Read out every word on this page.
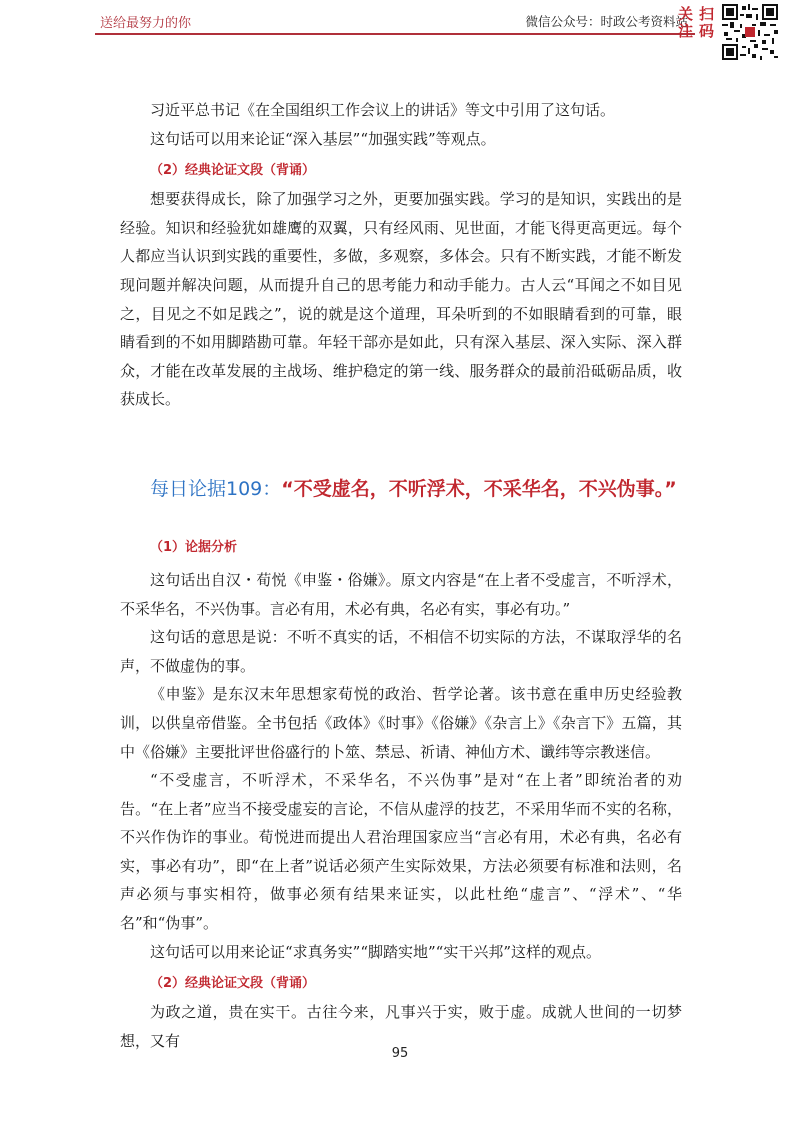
送给最努力的你	微信公众号：时政公考资料站 扫码关注

习近平总书记《在全国组织工作会议上的讲话》等文中引用了这句话。

这句话可以用来论证“深入基层”“加强实践”等观点。

（2）经典论证文段（背诵）

想要获得成长，除了加强学习之外，更要加强实践。学习的是知识，实践出的是经验。知识和经验犹如雄鹰的双翼，只有经风雨、见世面，才能飞得更高更远。每个人都应当认识到实践的重要性，多做，多观察，多体会。只有不断实践，才能不断发现问题并解决问题，从而提升自己的思考能力和动手能力。古人云“耳闻之不如目见之，目见之不如足践之”，说的就是这个道理，耳朵听到的不如眼睛看到的可靠，眼睛看到的不如用脚踏勘可靠。年轻干部亦是如此，只有深入基层、深入实际、深入群众，才能在改革发展的主战场、维护稳定的第一线、服务群众的最前沿砥砺品质，收获成长。

每日论据109：“不受虚名，不听浮术，不采华名，不兴伪事。”
（1）论据分析

这句话出自汉・荀悦《申鉴・俗嫌》。原文内容是“在上者不受虚言，不听浮术，不采华名，不兴伪事。言必有用，术必有典，名必有实，事必有功。”

这句话的意思是说：不听不真实的话，不相信不切实际的方法，不谋取浮华的名声，不做虚伪的事。

《申鉴》是东汉末年思想家荀悦的政治、哲学论著。该书意在重申历史经验教训，以供皇帝借鉴。全书包括《政体》《时事》《俗嫌》《杂言上》《杂言下》五篇，其中《俗嫌》主要批评世俗盛行的卜筮、禁忌、祈请、神仙方术、谶纬等宗教迷信。

“不受虚言，不听浮术，不采华名，不兴伪事”是对“在上者”即统治者的劝告。“在上者”应当不接受虚妄的言论，不信从虚浮的技艺，不采用华而不实的名称，不兴作伪诈的事业。荀悦进而提出人君治理国家应当“言必有用，术必有典，名必有实，事必有功”，即“在上者”说话必须产生实际效果，方法必须要有标准和法则，名声必须与事实相符，做事必须有结果来证实，以此杜绝“虚言”、“浮术”、“华名”和“伪事”。

这句话可以用来论证“求真务实”“脚踏实地”“实干兴邦”这样的观点。

（2）经典论证文段（背诵）

为政之道，贵在实干。古往今来，凡事兴于实，败于虚。成就人世间的一切梦想，又有

95
